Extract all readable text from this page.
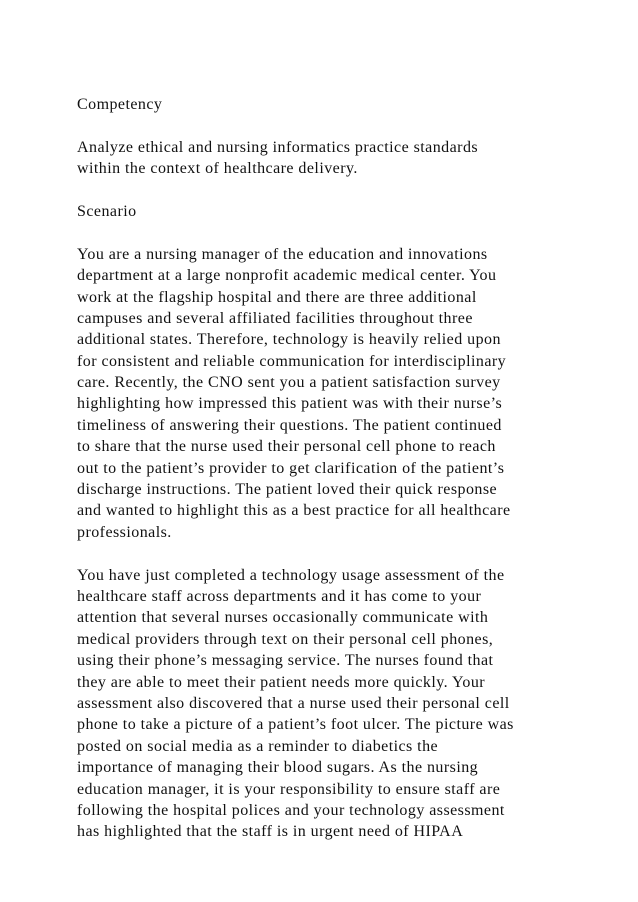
Competency
Analyze ethical and nursing informatics practice standards
within the context of healthcare delivery.
Scenario
You are a nursing manager of the education and innovations
department at a large nonprofit academic medical center. You
work at the flagship hospital and there are three additional
campuses and several affiliated facilities throughout three
additional states. Therefore, technology is heavily relied upon
for consistent and reliable communication for interdisciplinary
care. Recently, the CNO sent you a patient satisfaction survey
highlighting how impressed this patient was with their nurse’s
timeliness of answering their questions. The patient continued
to share that the nurse used their personal cell phone to reach
out to the patient’s provider to get clarification of the patient’s
discharge instructions. The patient loved their quick response
and wanted to highlight this as a best practice for all healthcare
professionals.
You have just completed a technology usage assessment of the
healthcare staff across departments and it has come to your
attention that several nurses occasionally communicate with
medical providers through text on their personal cell phones,
using their phone’s messaging service. The nurses found that
they are able to meet their patient needs more quickly. Your
assessment also discovered that a nurse used their personal cell
phone to take a picture of a patient’s foot ulcer. The picture was
posted on social media as a reminder to diabetics the
importance of managing their blood sugars. As the nursing
education manager, it is your responsibility to ensure staff are
following the hospital polices and your technology assessment
has highlighted that the staff is in urgent need of HIPAA
